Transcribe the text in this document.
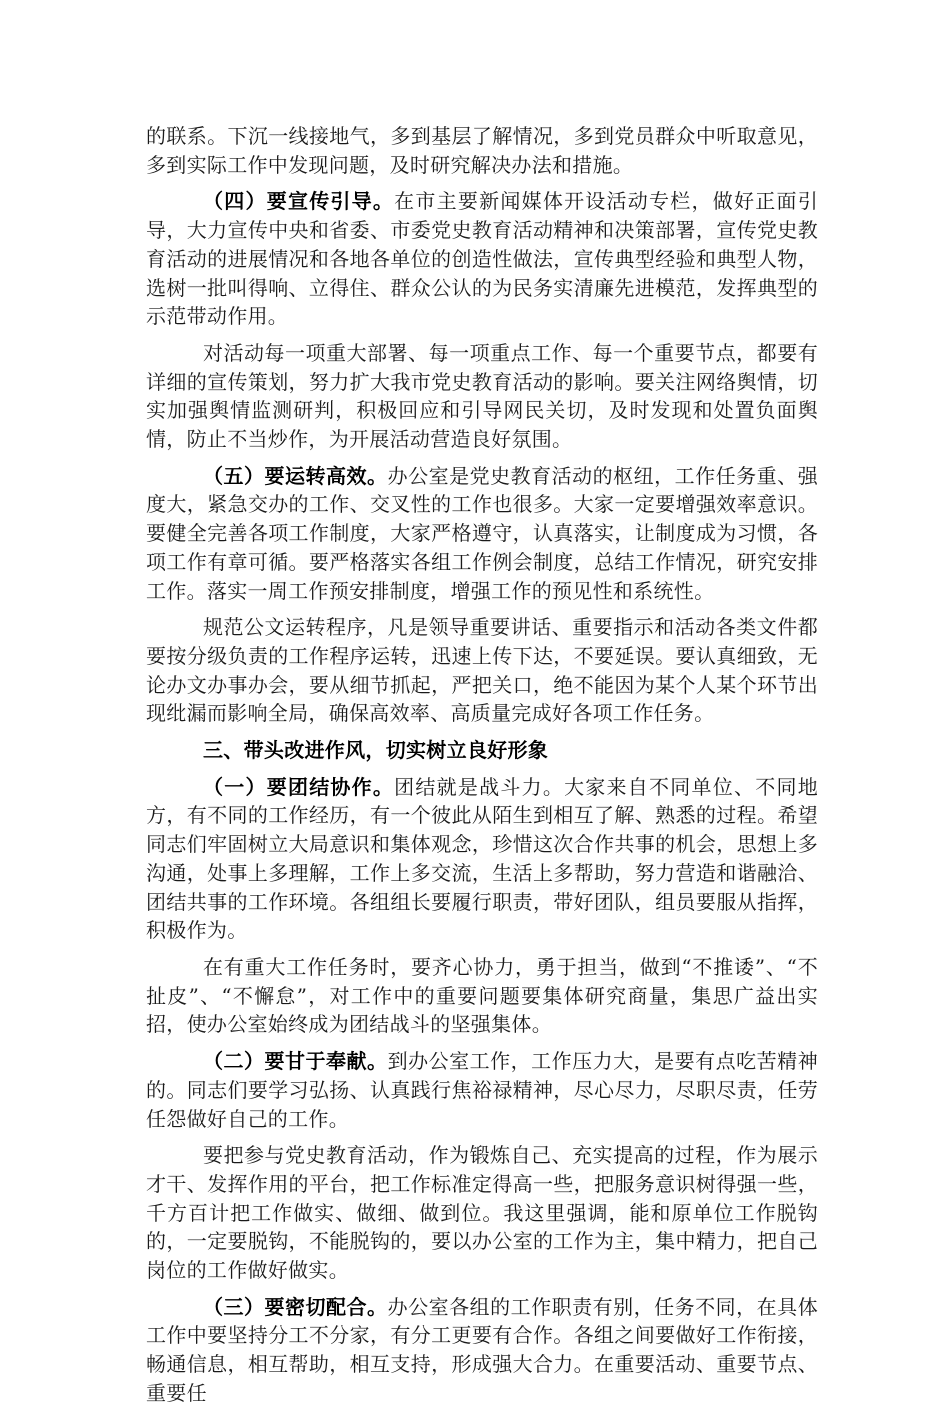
的联系。下沉一线接地气，多到基层了解情况，多到党员群众中听取意见，多到实际工作中发现问题，及时研究解决办法和措施。

（四）要宣传引导。在市主要新闻媒体开设活动专栏，做好正面引导，大力宣传中央和省委、市委党史教育活动精神和决策部署，宣传党史教育活动的进展情况和各地各单位的创造性做法，宣传典型经验和典型人物，选树一批叫得响、立得住、群众公认的为民务实清廉先进模范，发挥典型的示范带动作用。

对活动每一项重大部署、每一项重点工作、每一个重要节点，都要有详细的宣传策划，努力扩大我市党史教育活动的影响。要关注网络舆情，切实加强舆情监测研判，积极回应和引导网民关切，及时发现和处置负面舆情，防止不当炒作，为开展活动营造良好氛围。

（五）要运转高效。办公室是党史教育活动的枢纽，工作任务重、强度大，紧急交办的工作、交叉性的工作也很多。大家一定要增强效率意识。要健全完善各项工作制度，大家严格遵守，认真落实，让制度成为习惯，各项工作有章可循。要严格落实各组工作例会制度，总结工作情况，研究安排工作。落实一周工作预安排制度，增强工作的预见性和系统性。

规范公文运转程序，凡是领导重要讲话、重要指示和活动各类文件都要按分级负责的工作程序运转，迅速上传下达，不要延误。要认真细致，无论办文办事办会，要从细节抓起，严把关口，绝不能因为某个人某个环节出现纰漏而影响全局，确保高效率、高质量完成好各项工作任务。

三、带头改进作风，切实树立良好形象

（一）要团结协作。团结就是战斗力。大家来自不同单位、不同地方，有不同的工作经历，有一个彼此从陌生到相互了解、熟悉的过程。希望同志们牢固树立大局意识和集体观念，珍惜这次合作共事的机会，思想上多沟通，处事上多理解，工作上多交流，生活上多帮助，努力营造和谐融洽、团结共事的工作环境。各组组长要履行职责，带好团队，组员要服从指挥，积极作为。

在有重大工作任务时，要齐心协力，勇于担当，做到“不推诿”、“不扯皮”、“不懈怠”，对工作中的重要问题要集体研究商量，集思广益出实招，使办公室始终成为团结战斗的坚强集体。

（二）要甘于奉献。到办公室工作，工作压力大，是要有点吃苦精神的。同志们要学习弘扬、认真践行焦裕禄精神，尽心尽力，尽职尽责，任劳任怨做好自己的工作。

要把参与党史教育活动，作为锻炼自己、充实提高的过程，作为展示才干、发挥作用的平台，把工作标准定得高一些，把服务意识树得强一些，千方百计把工作做实、做细、做到位。我这里强调，能和原单位工作脱钩的，一定要脱钩，不能脱钩的，要以办公室的工作为主，集中精力，把自己岗位的工作做好做实。

（三）要密切配合。办公室各组的工作职责有别，任务不同，在具体工作中要坚持分工不分家，有分工更要有合作。各组之间要做好工作衔接，畅通信息，相互帮助，相互支持，形成强大合力。在重要活动、重要节点、重要任
